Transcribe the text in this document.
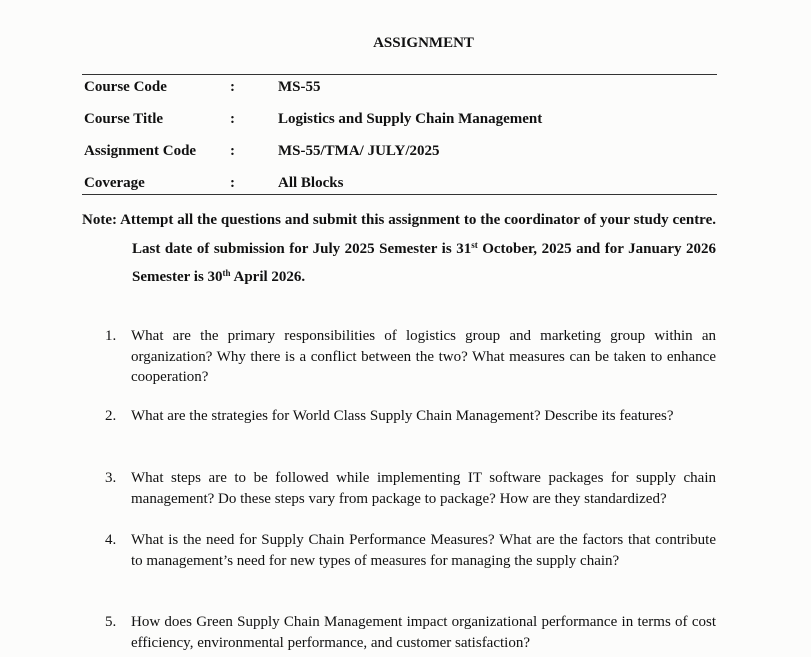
ASSIGNMENT
Course Code	:	MS-55
Course Title	:	Logistics and Supply Chain Management
Assignment Code :	MS-55/TMA/ JULY/2025
Coverage	:	All Blocks

Note: Attempt all the questions and submit this assignment to the coordinator of your study centre. Last date of submission for July 2025 Semester is 31st October, 2025 and for January 2026 Semester is 30th April 2026.

1. What are the primary responsibilities of logistics group and marketing group within an organization? Why there is a conflict between the two? What measures can be taken to enhance cooperation?
2. What are the strategies for World Class Supply Chain Management? Describe its features?
3. What steps are to be followed while implementing IT software packages for supply chain management? Do these steps vary from package to package? How are they standardized?
4. What is the need for Supply Chain Performance Measures? What are the factors that contribute to management’s need for new types of measures for managing the supply chain?
5. How does Green Supply Chain Management impact organizational performance in terms of cost efficiency, environmental performance, and customer satisfaction?
